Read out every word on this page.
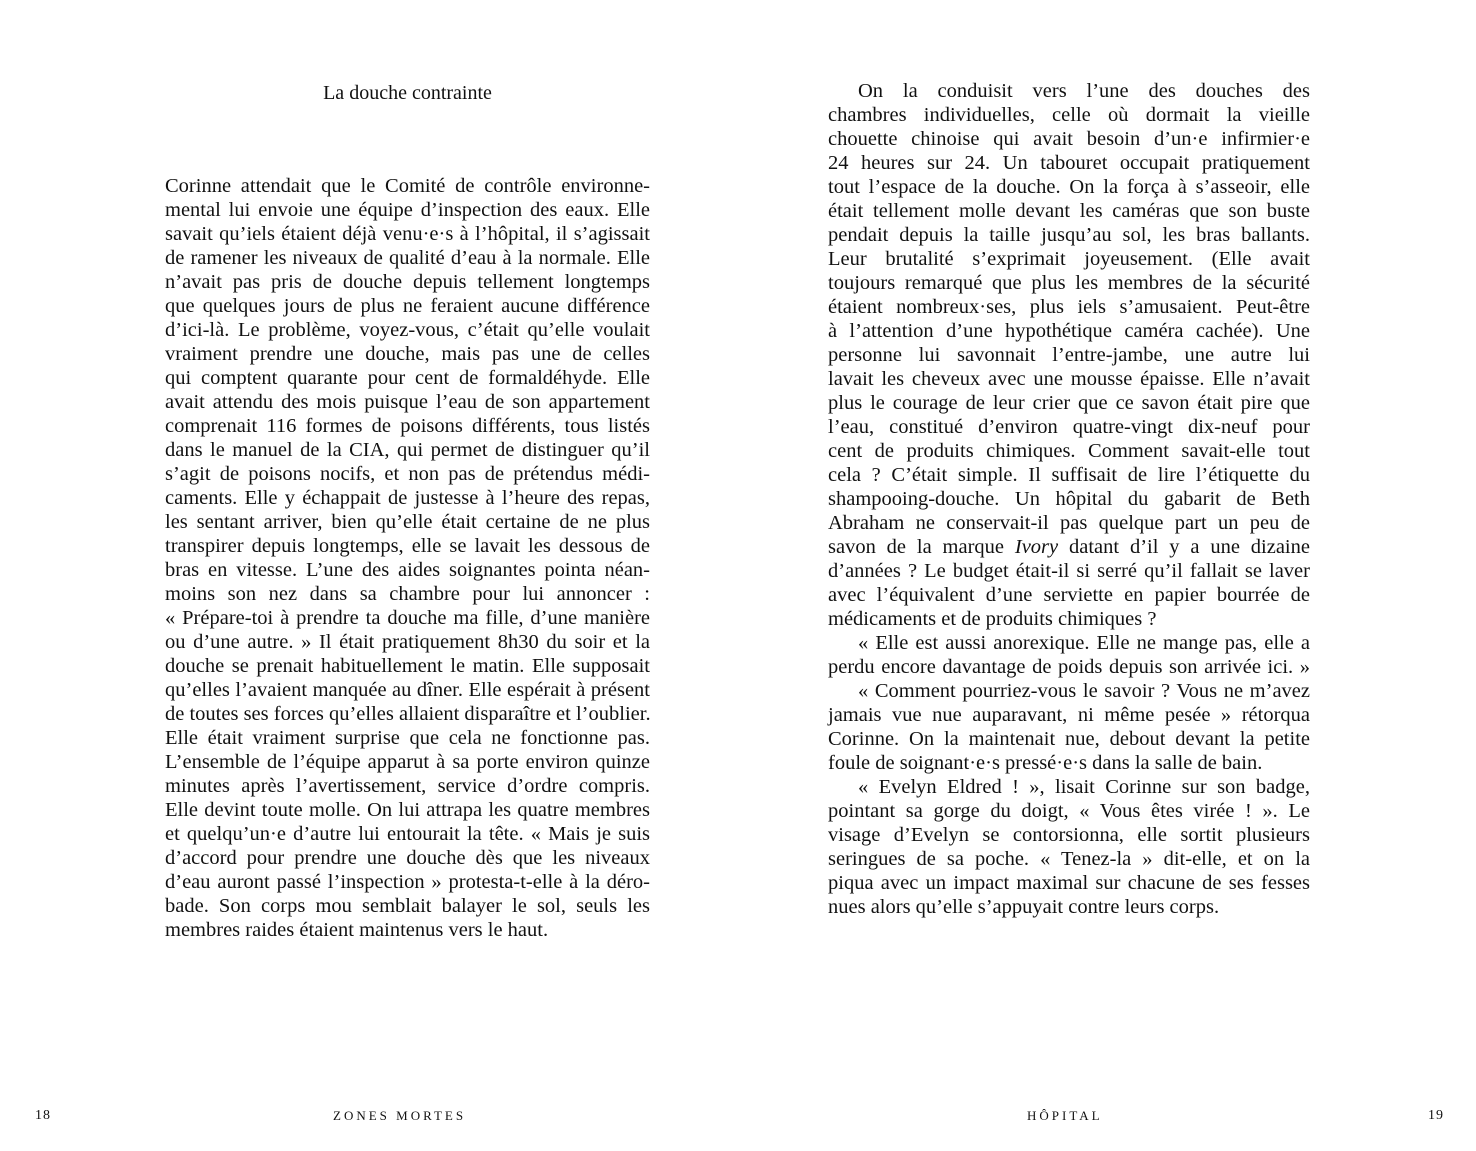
La douche contrainte
Corinne attendait que le Comité de contrôle environne-
mental lui envoie une équipe d’inspection des eaux. Elle
savait qu’iels étaient déjà venu·e·s à l’hôpital, il s’agissait
de ramener les niveaux de qualité d’eau à la normale. Elle
n’avait pas pris de douche depuis tellement longtemps
que quelques jours de plus ne feraient aucune différence
d’ici-là. Le problème, voyez-vous, c’était qu’elle voulait
vraiment prendre une douche, mais pas une de celles
qui comptent quarante pour cent de formaldéhyde. Elle
avait attendu des mois puisque l’eau de son appartement
comprenait 116 formes de poisons différents, tous listés
dans le manuel de la CIA, qui permet de distinguer qu’il
s’agit de poisons nocifs, et non pas de prétendus médi-
caments. Elle y échappait de justesse à l’heure des repas,
les sentant arriver, bien qu’elle était certaine de ne plus
transpirer depuis longtemps, elle se lavait les dessous de
bras en vitesse. L’une des aides soignantes pointa néan-
moins son nez dans sa chambre pour lui annoncer :
« Prépare-toi à prendre ta douche ma fille, d’une manière
ou d’une autre. » Il était pratiquement 8h30 du soir et la
douche se prenait habituellement le matin. Elle supposait
qu’elles l’avaient manquée au dîner. Elle espérait à présent
de toutes ses forces qu’elles allaient disparaître et l’oublier.
Elle était vraiment surprise que cela ne fonctionne pas.
L’ensemble de l’équipe apparut à sa porte environ quinze
minutes après l’avertissement, service d’ordre compris.
Elle devint toute molle. On lui attrapa les quatre membres
et quelqu’un·e d’autre lui entourait la tête. « Mais je suis
d’accord pour prendre une douche dès que les niveaux
d’eau auront passé l’inspection » protesta-t-elle à la déro-
bade. Son corps mou semblait balayer le sol, seuls les
membres raides étaient maintenus vers le haut.
18	ZONES MORTES
On la conduisit vers l’une des douches des
chambres individuelles, celle où dormait la vieille
chouette chinoise qui avait besoin d’un·e infirmier·e
24 heures sur 24. Un tabouret occupait pratiquement
tout l’espace de la douche. On la força à s’asseoir, elle
était tellement molle devant les caméras que son buste
pendait depuis la taille jusqu’au sol, les bras ballants.
Leur brutalité s’exprimait joyeusement. (Elle avait
toujours remarqué que plus les membres de la sécurité
étaient nombreux·ses, plus iels s’amusaient. Peut-être
à l’attention d’une hypothétique caméra cachée). Une
personne lui savonnait l’entre-jambe, une autre lui
lavait les cheveux avec une mousse épaisse. Elle n’avait
plus le courage de leur crier que ce savon était pire que
l’eau, constitué d’environ quatre-vingt dix-neuf pour
cent de produits chimiques. Comment savait-elle tout
cela ? C’était simple. Il suffisait de lire l’étiquette du
shampooing-douche. Un hôpital du gabarit de Beth
Abraham ne conservait-il pas quelque part un peu de
savon de la marque Ivory datant d’il y a une dizaine
d’années ? Le budget était-il si serré qu’il fallait se laver
avec l’équivalent d’une serviette en papier bourrée de
médicaments et de produits chimiques ?
« Elle est aussi anorexique. Elle ne mange pas, elle a
perdu encore davantage de poids depuis son arrivée ici. »
« Comment pourriez-vous le savoir ? Vous ne m’avez
jamais vue nue auparavant, ni même pesée » rétorqua
Corinne. On la maintenait nue, debout devant la petite
foule de soignant·e·s pressé·e·s dans la salle de bain.
« Evelyn Eldred ! », lisait Corinne sur son badge,
pointant sa gorge du doigt, « Vous êtes virée ! ». Le
visage d’Evelyn se contorsionna, elle sortit plusieurs
seringues de sa poche. « Tenez-la » dit-elle, et on la
piqua avec un impact maximal sur chacune de ses fesses
nues alors qu’elle s’appuyait contre leurs corps.
HÔPITAL	19
